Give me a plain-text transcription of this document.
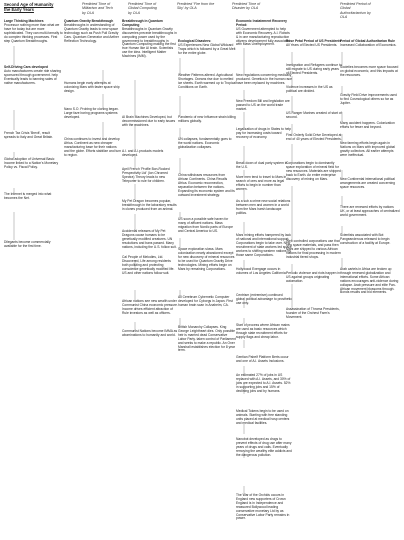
Second Age of Humanity
the Early Years
Predicted Time of
Militarism and Tech
by OLA
Predicted Time of
Global Computing
by OLA
Predicted 'Fire from the
Sky' by OLA
Predicted Time of
Disaster by OLA
Predicted Period of
Global
Authoritarianism by
OLA
Large Thinking Machines
Processor nothing more than what we have for today but are more sophisticated. They can multi-formally to do complex thinking processes. First step Quantum Breakthroughs.
Self-Driving Cars developed
Auto manufacturers create ride sharing sponsored through government. help Eventually leads to banning sales of native manufacturers.
French Tax Crisis 'Brexit', result spreads to Italy and Great Britain.
Global adoption of Universal Basic Income linked to a Nation's Monetary Policy vs. Fiscal Policy.
The Internet is merged into what becomes the Net.
Dilegants become commercially available for the first time.
Quantum Gravity Breakthrough
Breakthroughs in understanding of Quantum Gravity leads to new space technology such as Push Pull Gravity Cars. Quantum Generator and Aether Reflection Technology.
Humans begin early attempts at colonizing Mars with faster space ship design.
Nano S.O. Probing for cloning began. Large faze boring programs systems developed.
China continues to invest and develop Africa. Continent as new cheaper manufacturing base for their nations and the globe. Efforts stabilize and turn to region.
Breakthrough in Quantum Computing
Breakthroughs in Quantum Gravity discoveries precede breakthroughs in computing power used by the government to breakthroughs in Quantum Computing making the first true Human like AI brain. Scientists use the idea. Intelligent Matter Machines (IMM).
AI Brain Machines Developed, but decommissioned due to early issues with the machines.
A.I. and A.I.products models developed.
April French 'Profile Bon-Rocked Perspectivity Ltd' (Ion Chromed Spectra) Theory leads to new Teleporter to rule for children.
My Pet Dragon becomes popular, breakthrough in the laboratory results in clones produced from an animal.
Accidental releases of My Pet Dragons cause humans to be genetically modified creatures. UN resolutions and bans passed. Many nations, including the U.S. follow suit.
Cal People of Melodies, Ltd. Discovered, Life among residents both polluting and protecting conscience genetically modified life. US and other nations follow suit.
African nations see new wealth under Communist China economic pressure. Income drives efficient attraction of Rule investors as well as officers.
Communist Nations become IMMA as abominations to humanity and world.
Ecological Disasters:
US Experiences New Global Wildcard Traps which is followed by a Great Melt for the entire globe.
Weather Patterns altered. Agricultural Shortages. Oceans rise due to melted ice sheets. Earth warmed up to Tropical Conditions on Earth.
Pandemic of new Influence strain killing millions globally.
UN collapses, fundamentally goes to the world nations. Economic globalization collapses.
China withdraws resources from African Continents. China Recalls Africa. Economic reconnection, separation between the nations. Expanding its economic system and its outward investment strategy.
US soon a possible safe haven for many of affluent nations. Mass migration from Nordic parts of Europe and Central America to US.
Space exploration slows. Mars colonization nearly abandoned except for new discovery of mineral resources to be used for Quantum Gravity Drive technologies. Mining efforts begin on Mars by remaining Corporations.
All Cerebrum Cybernetic Computer developed for Cyborgs in Japan. First human brain scan in Anaheim, CA.
British Monarchy Collapses. King George Leightheart dies. Only possible heir is married dead Conservative Labor Party. taken control of Parliament and seeks to make a republic. An Oner Marshall establishes election for 8 year term.
Economic Instatement Recovery Period:
US Government attempted to help with Economic Recovery. A.I. Robots & in one manufacturing reproduction citizens development fully associated with Mass Unemployment.
New regulations concerning medically produced. Genetics in the human race have been replaced by machines.
New Freedom Bill and legislation are passed to US on the world trade market.
Legalization of drugs in States to help pay for increasing costs toward recovery of economy.
Break down of dual party system in the U.S.
More men tend to travel to Mars in search of ores and more as legal efforts to begin in number than women.
As a sub a crime new social relations between men and women in a world from the Mars harsh landscape politics.
Mars mining efforts hampered by lack of national and international support. Corporations begin to take over. New recruitment of state workers led space workers to shifting western nations by those same Corporations.
Hollywood Exergage occurs in volumes of Los Angeles California.
Centrism (extremism) continued global political advantage to prosthetic use only.
Start of process where African mains are used as basic resources which through state recruitment efforts for supply flags and cheap labor.
Gentian Pabelf Platform Berts occur and one of A.I. Assets Inclusions.
An estimated 27% of jobs in US replaced with A.I. Assets, and 30% of jobs are expected to A.I. Assets. 52% in supporting jobs and 15% of declining jobs and by humans.
Medical Tokens begin to be used on animals. Starting with free standing units placed at medical hosp centers and medical facilities.
Nanobot developed as drugs to prevent effects of drug use after many years of drugs and calls. Eventually removing the wealthy elite addicts and the dangerous pollution.
The War of the Orchids occurs in England new supporters of Crown England is in Independence and reassured Bollywood leading conservative monetary Ltd by as Conservative Labor Party remains in power.
Rose Petal Period of US Presidents
All Years of Elected US Presidents.
Immigration and Refugees continue to still migrate to US during early years of Elected Presidents.
Violence increases in the US as political are divided.
US Ranger Marines created of start of second.
First Orderly Solid Drive Developed at end of 40 years of Elected Presidents.
Corporations begin to dominantly space exploration of mineral field for new resources. Materials are shipped back to Earth. An entire enterprise discovery of mining on Mars.
Web controlled corporations use that new space materials, and pass then Mars are shipped to various African nations for final processing in modern industrial tiered shops.
Periodic violence and riots happen in US against groups originating automation.
Assassination of Throma Presidents, founder of the Orchest Farm's Movement.
Period of Global Authoritarian Rule
Increased Collaboration of Economics.
Societies becomes more space focused on global economic, and this impacts at the resources.
Gravity Field Drive improvements used to find Cosmological others so far as Jupiter.
Many accident happens. Colonization efforts for fewer and beyond.
New farming efforts begin again in Nations on Mars with improved global gravity collectors. All earlier attempts were ineffectual.
New Continental international political arrangements are created concerning space resources.
There are renewed efforts by nations UK, or at least approaches of centralized world government.
Scientists associated with Bot Pangeanderous released to begin construction of a facility at Europe.
Arab cartels in Africa are broken up through renewed globalization and international efforts. Some African nations encourages anti-violence during collapse. Arab pressure and elite Pan-African movement blossoms through. Bonds results and bid elements.
